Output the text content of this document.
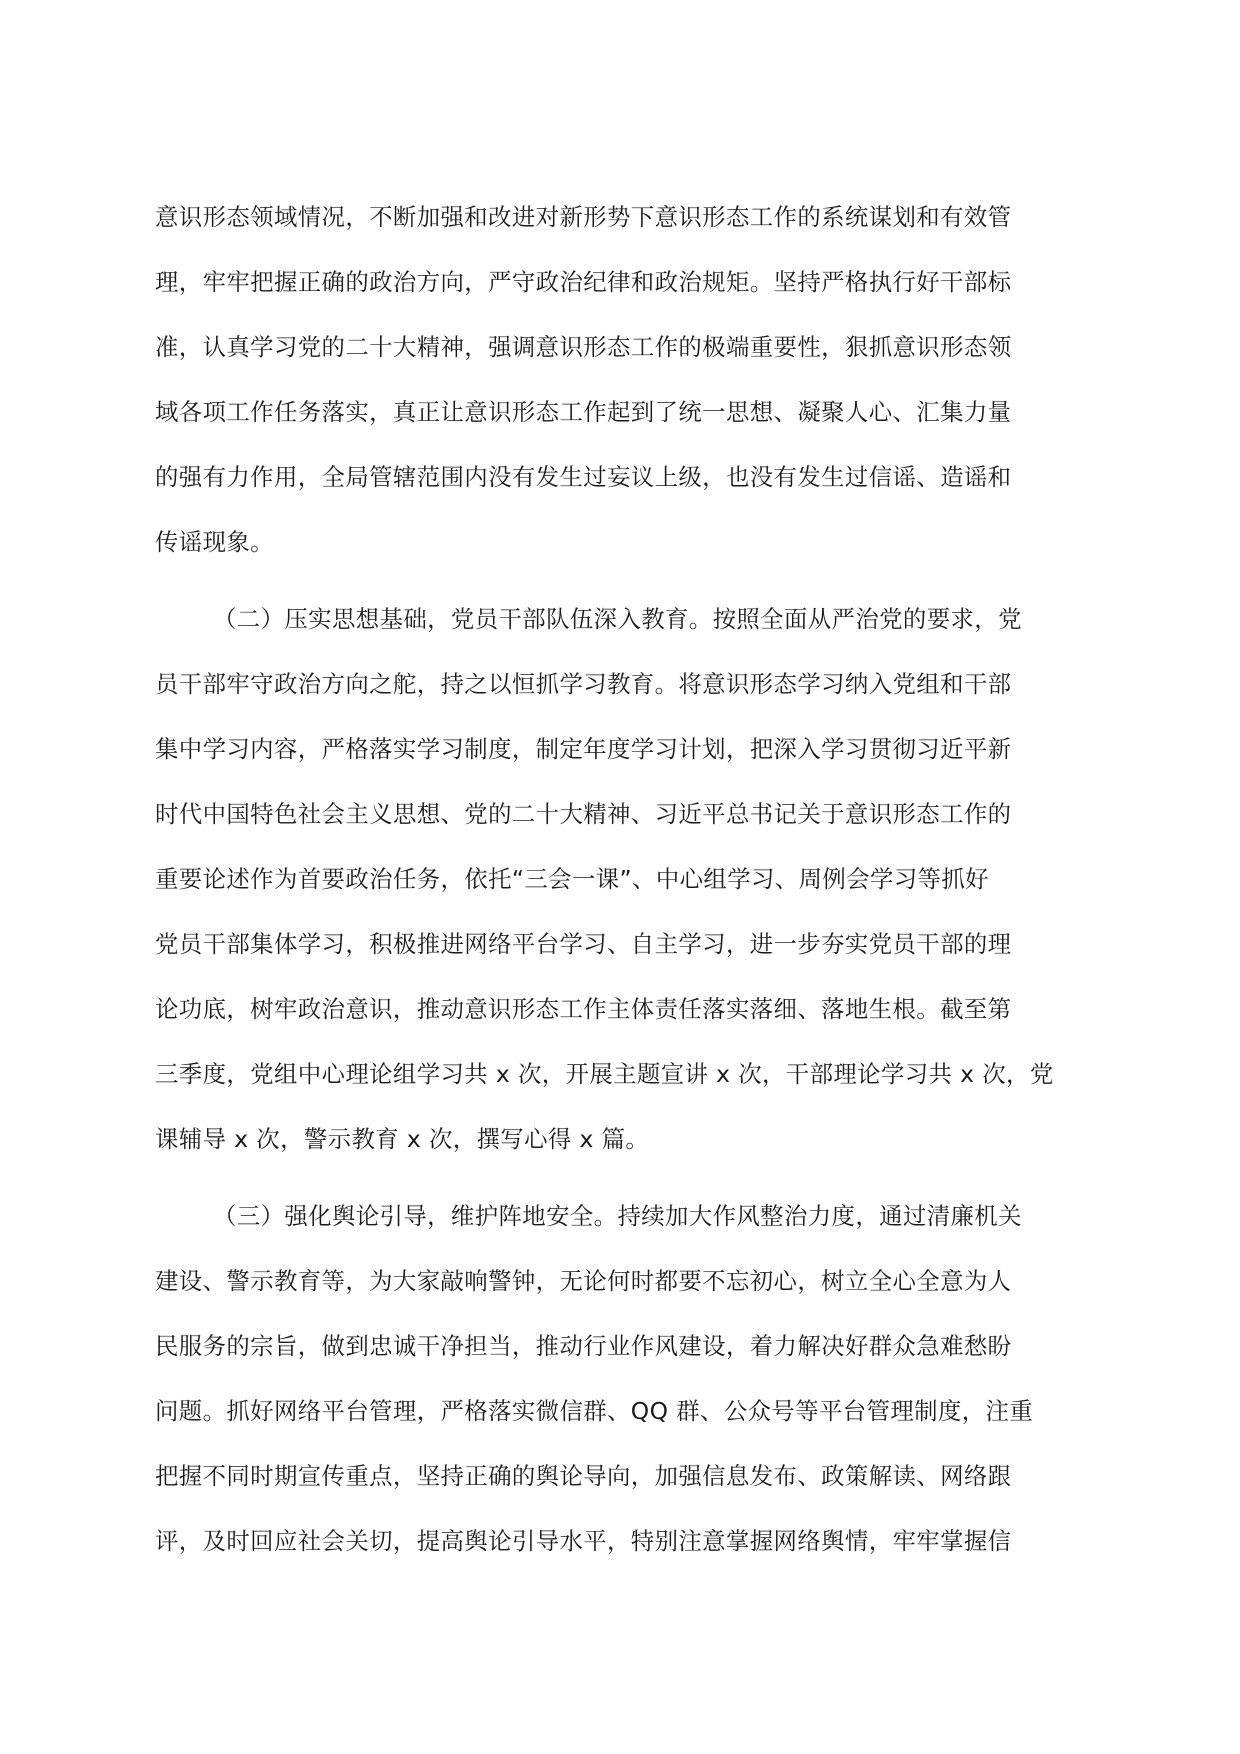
意识形态领域情况，不断加强和改进对新形势下意识形态工作的系统谋划和有效管
理，牢牢把握正确的政治方向，严守政治纪律和政治规矩。坚持严格执行好干部标
准，认真学习党的二十大精神，强调意识形态工作的极端重要性，狠抓意识形态领
域各项工作任务落实，真正让意识形态工作起到了统一思想、凝聚人心、汇集力量
的强有力作用，全局管辖范围内没有发生过妄议上级，也没有发生过信谣、造谣和
传谣现象。

（二）压实思想基础，党员干部队伍深入教育。按照全面从严治党的要求，党
员干部牢守政治方向之舵，持之以恒抓学习教育。将意识形态学习纳入党组和干部
集中学习内容，严格落实学习制度，制定年度学习计划，把深入学习贯彻习近平新
时代中国特色社会主义思想、党的二十大精神、习近平总书记关于意识形态工作的
重要论述作为首要政治任务，依托“三会一课”、中心组学习、周例会学习等抓好
党员干部集体学习，积极推进网络平台学习、自主学习，进一步夯实党员干部的理
论功底，树牢政治意识，推动意识形态工作主体责任落实落细、落地生根。截至第
三季度，党组中心理论组学习共 x 次，开展主题宣讲 x 次，干部理论学习共 x 次，党
课辅导 x 次，警示教育 x 次，撰写心得 x 篇。

（三）强化舆论引导，维护阵地安全。持续加大作风整治力度，通过清廉机关
建设、警示教育等，为大家敲响警钟，无论何时都要不忘初心，树立全心全意为人
民服务的宗旨，做到忠诚干净担当，推动行业作风建设，着力解决好群众急难愁盼
问题。抓好网络平台管理，严格落实微信群、QQ 群、公众号等平台管理制度，注重
把握不同时期宣传重点，坚持正确的舆论导向，加强信息发布、政策解读、网络跟
评，及时回应社会关切，提高舆论引导水平，特别注意掌握网络舆情，牢牢掌握信
